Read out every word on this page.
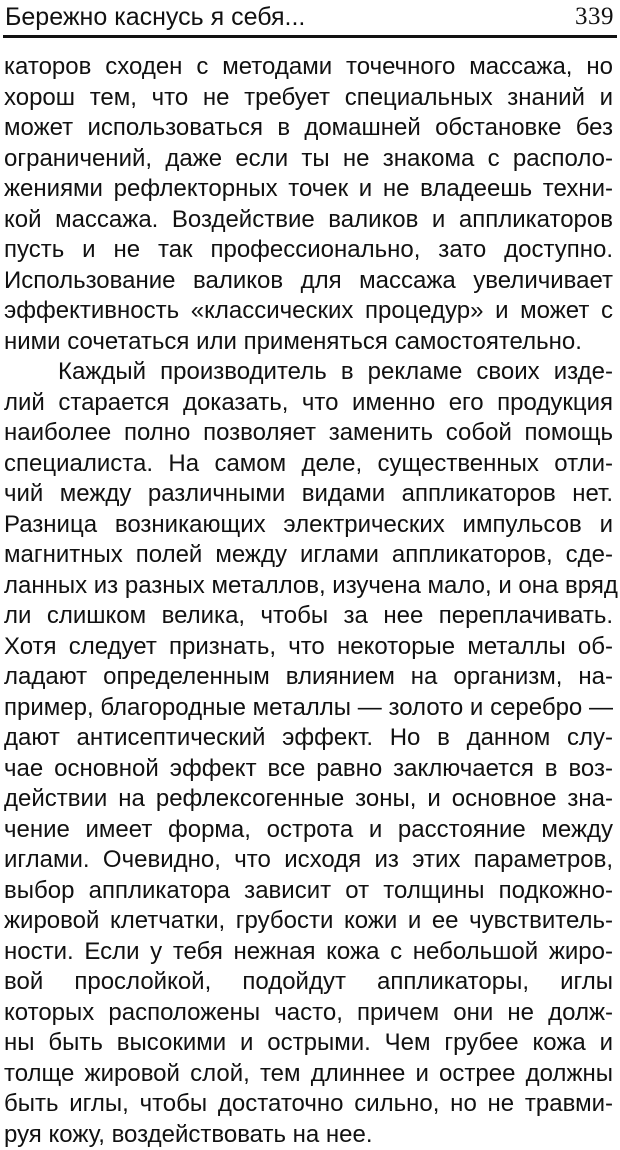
Бережно каснусь я себя...	339
каторов сходен с методами точечного массажа, но
хорош тем, что не требует специальных знаний и
может использоваться в домашней обстановке без
ограничений, даже если ты не знакома с располо-
жениями рефлекторных точек и не владеешь техни-
кой массажа. Воздействие валиков и аппликаторов
пусть и не так профессионально, зато доступно.
Использование валиков для массажа увеличивает
эффективность «классических процедур» и может с
ними сочетаться или применяться самостоятельно.
Каждый производитель в рекламе своих изде-
лий старается доказать, что именно его продукция
наиболее полно позволяет заменить собой помощь
специалиста. На самом деле, существенных отли-
чий между различными видами аппликаторов нет.
Разница возникающих электрических импульсов и
магнитных полей между иглами аппликаторов, сде-
ланных из разных металлов, изучена мало, и она вряд
ли слишком велика, чтобы за нее переплачивать.
Хотя следует признать, что некоторые металлы об-
ладают определенным влиянием на организм, на-
пример, благородные металлы — золото и серебро —
дают антисептический эффект. Но в данном слу-
чае основной эффект все равно заключается в воз-
действии на рефлексогенные зоны, и основное зна-
чение имеет форма, острота и расстояние между
иглами. Очевидно, что исходя из этих параметров,
выбор аппликатора зависит от толщины подкожно-
жировой клетчатки, грубости кожи и ее чувствитель-
ности. Если у тебя нежная кожа с небольшой жиро-
вой прослойкой, подойдут аппликаторы, иглы
которых расположены часто, причем они не долж-
ны быть высокими и острыми. Чем грубее кожа и
толще жировой слой, тем длиннее и острее должны
быть иглы, чтобы достаточно сильно, но не травми-
руя кожу, воздействовать на нее.
